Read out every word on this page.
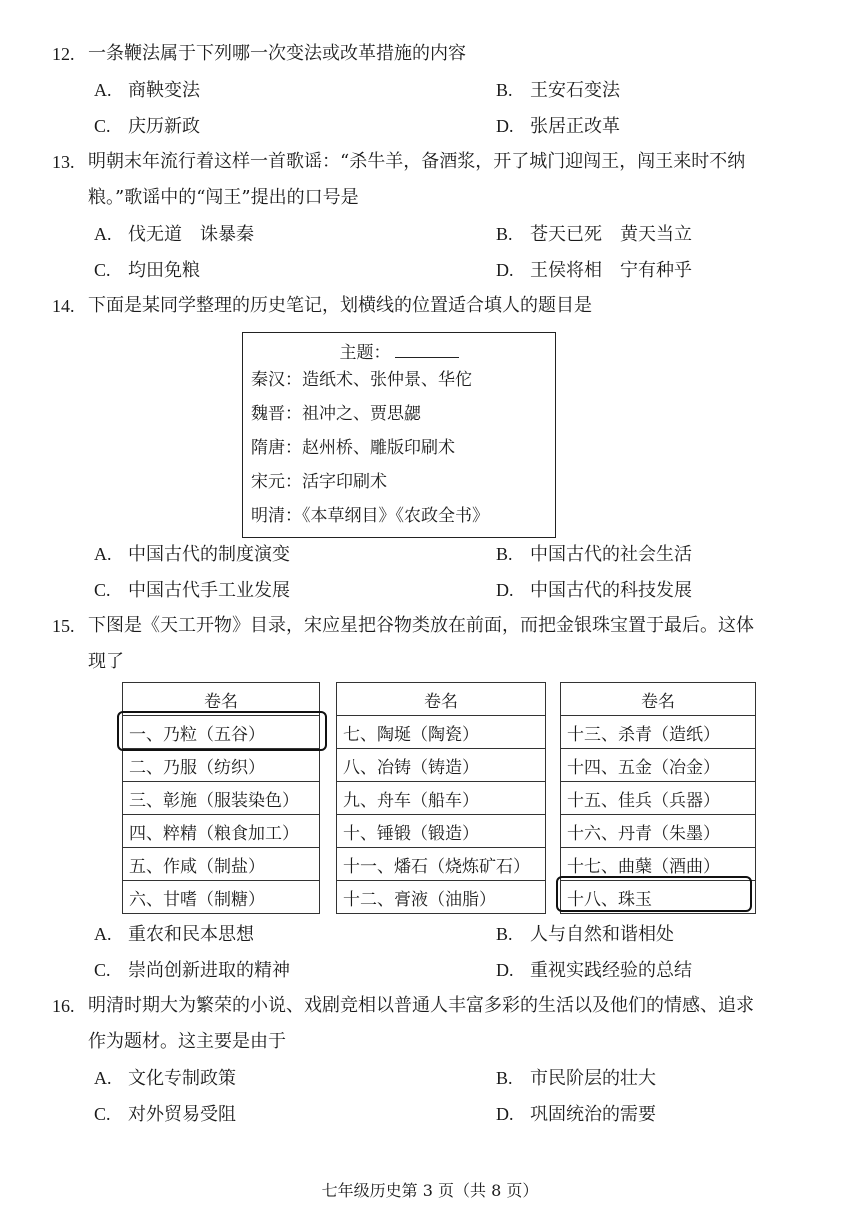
12. 一条鞭法属于下列哪一次变法或改革措施的内容
A. 商鞅变法	B. 王安石变法
C. 庆历新政	D. 张居正改革
13. 明朝末年流行着这样一首歌谣：“杀牛羊，备酒浆，开了城门迎闯王，闯王来时不纳
粮。”歌谣中的“闯王”提出的口号是
A. 伐无道　诛暴秦	B. 苍天已死　黄天当立
C. 均田免粮	D. 王侯将相　宁有种乎
14. 下面是某同学整理的历史笔记，划横线的位置适合填人的题目是
主题：
秦汉：造纸术、张仲景、华佗
魏晋：祖冲之、贾思勰
隋唐：赵州桥、雕版印刷术
宋元：活字印刷术
明清：《本草纲目》《农政全书》
A. 中国古代的制度演变	B. 中国古代的社会生活
C. 中国古代手工业发展	D. 中国古代的科技发展
15. 下图是《天工开物》目录，宋应星把谷物类放在前面，而把金银珠宝置于最后。这体
现了
卷名
一、乃粒（五谷）
二、乃服（纺织）
三、彰施（服装染色）
四、粹精（粮食加工）
五、作咸（制盐）
六、甘嗜（制糖）
卷名
七、陶埏（陶瓷）
八、冶铸（铸造）
九、舟车（船车）
十、锤锻（锻造）
十一、燔石（烧炼矿石）
十二、膏液（油脂）
卷名
十三、杀青（造纸）
十四、五金（冶金）
十五、佳兵（兵器）
十六、丹青（朱墨）
十七、曲蘖（酒曲）
十八、珠玉
A. 重农和民本思想	B. 人与自然和谐相处
C. 崇尚创新进取的精神	D. 重视实践经验的总结
16. 明清时期大为繁荣的小说、戏剧竞相以普通人丰富多彩的生活以及他们的情感、追求
作为题材。这主要是由于
A. 文化专制政策	B. 市民阶层的壮大
C. 对外贸易受阻	D. 巩固统治的需要
七年级历史第 3 页（共 8 页）
